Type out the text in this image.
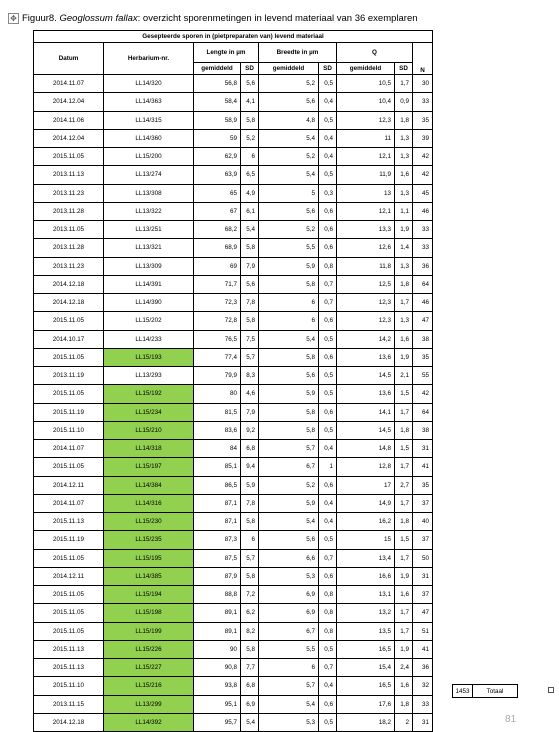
✥ Figuur8. Geoglossum fallax: overzicht sporenmetingen in levend materiaal van 36 exemplaren
Gesepteerde sporen in (pietpreparaten van) levend materiaal								
Datum	Herbarium-nr.	Lengte in µm		Breedte in µm		Q		N
		gemiddeld	SD	gemiddeld	SD	gemiddeld	SD	
2014.11.07	LL14/320	56,8	5,6	5,2	0,5	10,5	1,7	30
2014.12.04	LL14/363	58,4	4,1	5,6	0,4	10,4	0,9	33
2014.11.06	LL14/315	58,9	5,8	4,8	0,5	12,3	1,8	35
2014.12.04	LL14/360	59	5,2	5,4	0,4	11	1,3	39
2015.11.05	LL15/200	62,9	6	5,2	0,4	12,1	1,3	42
2013.11.13	LL13/274	63,9	6,5	5,4	0,5	11,9	1,6	42
2013.11.23	LL13/308	65	4,9	5	0,3	13	1,3	45
2013.11.28	LL13/322	67	6,1	5,6	0,6	12,1	1,1	46
2013.11.05	LL13/251	68,2	5,4	5,2	0,6	13,3	1,9	33
2013.11.28	LL13/321	68,9	5,8	5,5	0,6	12,6	1,4	33
2013.11.23	LL13/309	69	7,9	5,9	0,8	11,8	1,3	36
2014.12.18	LL14/391	71,7	5,6	5,8	0,7	12,5	1,8	64
2014.12.18	LL14/390	72,3	7,8	6	0,7	12,3	1,7	46
2015.11.05	LL15/202	72,8	5,8	6	0,6	12,3	1,3	47
2014.10.17	LL14/233	76,5	7,5	5,4	0,5	14,2	1,6	38
2015.11.05	LL15/193	77,4	5,7	5,8	0,6	13,6	1,9	35
2013.11.19	LL13/293	79,9	8,3	5,6	0,5	14,5	2,1	55
2015.11.05	LL15/192	80	4,6	5,9	0,5	13,6	1,5	42
2015.11.19	LL15/234	81,5	7,9	5,8	0,6	14,1	1,7	64
2015.11.10	LL15/210	83,6	9,2	5,8	0,5	14,5	1,8	38
2014.11.07	LL14/318	84	6,8	5,7	0,4	14,8	1,5	31
2015.11.05	LL15/197	85,1	9,4	6,7	1	12,8	1,7	41
2014.12.11	LL14/384	86,5	5,9	5,2	0,6	17	2,7	35
2014.11.07	LL14/316	87,1	7,8	5,9	0,4	14,9	1,7	37
2015.11.13	LL15/230	87,1	5,8	5,4	0,4	16,2	1,8	40
2015.11.19	LL15/235	87,3	6	5,6	0,5	15	1,5	37
2015.11.05	LL15/195	87,5	5,7	6,6	0,7	13,4	1,7	50
2014.12.11	LL14/385	87,9	5,8	5,3	0,6	16,6	1,9	31
2015.11.05	LL15/194	88,8	7,2	6,9	0,8	13,1	1,6	37
2015.11.05	LL15/198	89,1	6,2	6,9	0,8	13,2	1,7	47
2015.11.05	LL15/199	89,1	8,2	6,7	0,8	13,5	1,7	51
2015.11.13	LL15/226	90	5,8	5,5	0,5	16,5	1,9	41
2015.11.13	LL15/227	90,8	7,7	6	0,7	15,4	2,4	36
2015.11.10	LL15/216	93,8	6,8	5,7	0,4	16,5	1,6	32
2013.11.15	LL13/299	95,1	6,9	5,4	0,6	17,6	1,8	33
2014.12.18	LL14/392	95,7	5,4	5,3	0,5	18,2	2	31
1453	Totaal
81
